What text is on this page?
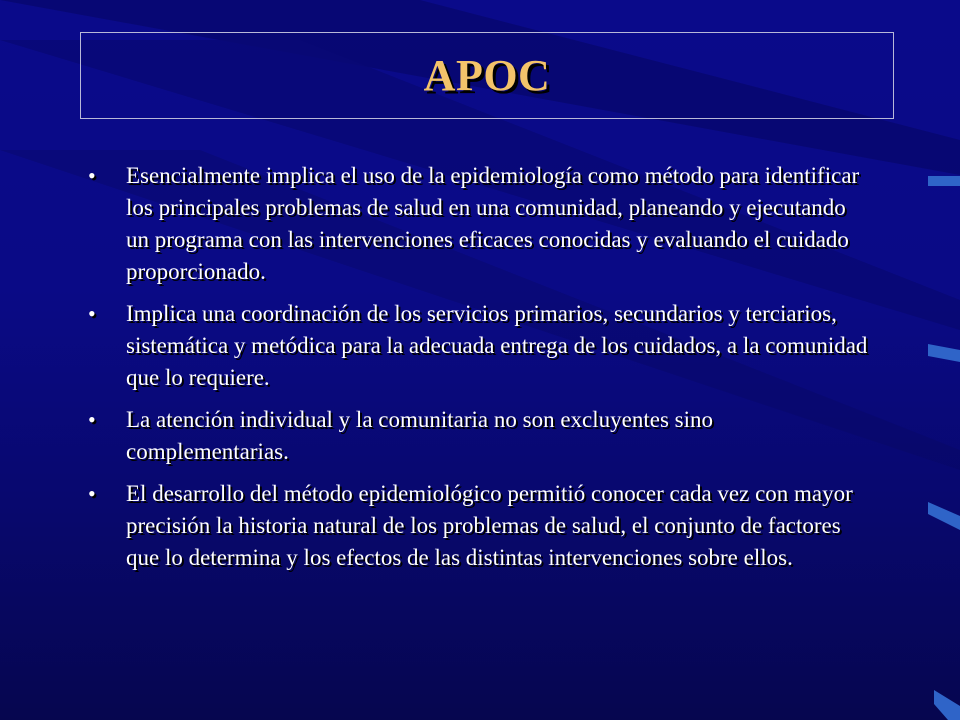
APOC
•	Esencialmente implica el uso de la epidemiología como método para identificar los principales problemas de salud en una comunidad, planeando y ejecutando un programa con las intervenciones eficaces conocidas y evaluando el cuidado proporcionado.
•	Implica una coordinación de los servicios primarios, secundarios y terciarios, sistemática y metódica para la adecuada entrega de los cuidados, a la comunidad que lo requiere.
•	La atención individual y la comunitaria no son excluyentes sino complementarias.
•	El desarrollo del método epidemiológico permitió conocer cada vez con mayor precisión la historia natural de los problemas de salud, el conjunto de factores que lo determina y los efectos de las distintas intervenciones sobre ellos.
